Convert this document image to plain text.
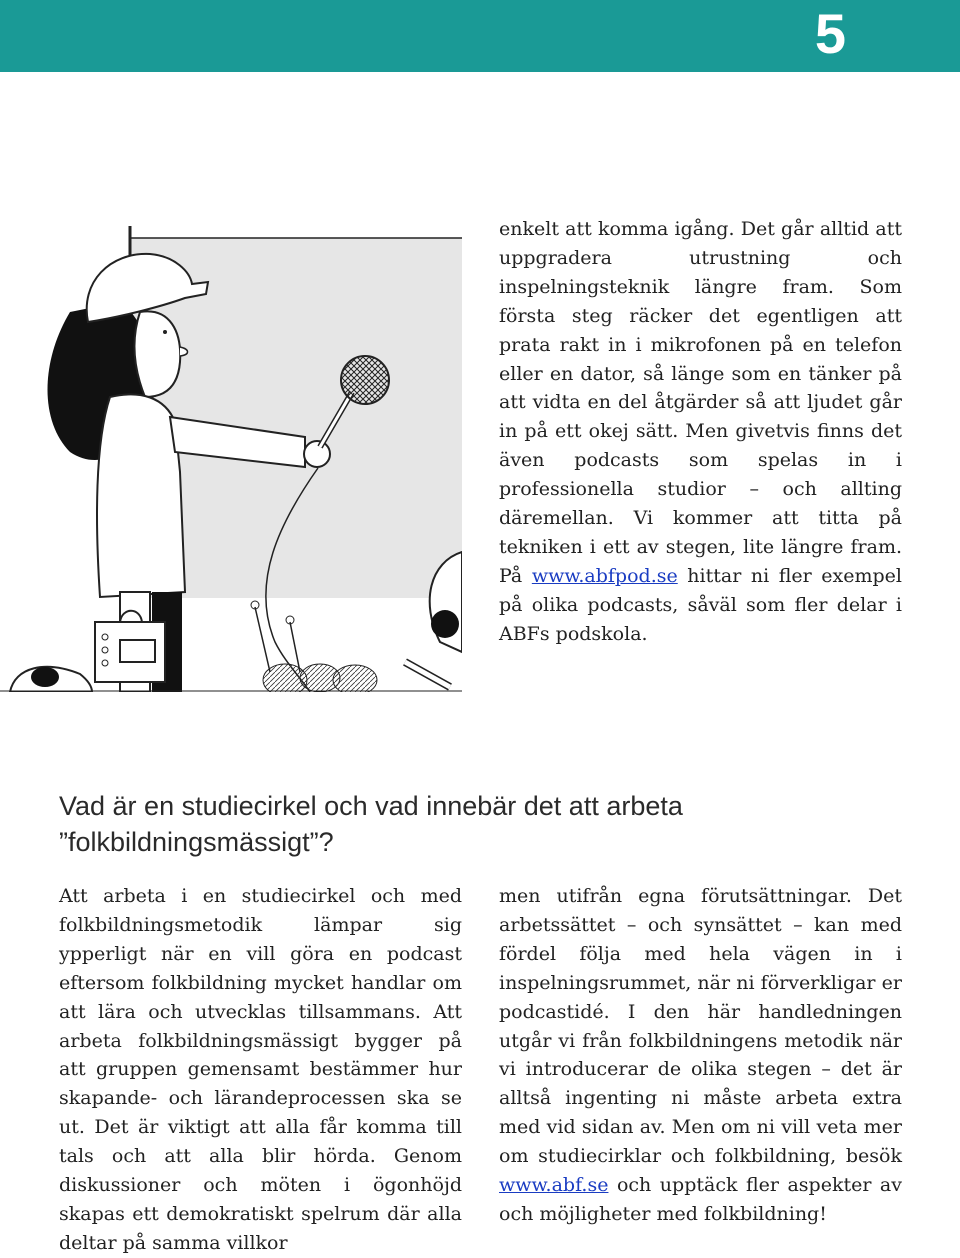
5

enkelt att komma igång. Det går alltid att uppgradera utrustning och inspelningsteknik längre fram. Som första steg räcker det egentligen att prata rakt in i mikrofonen på en telefon eller en dator, så länge som en tänker på att vidta en del åtgärder så att ljudet går in på ett okej sätt. Men givetvis finns det även podcasts som spelas in i professionella studior – och allting däremellan. Vi kommer att titta på tekniken i ett av stegen, lite längre fram. På www.abfpod.se hittar ni fler exempel på olika podcasts, såväl som fler delar i ABFs podskola.

Vad är en studiecirkel och vad innebär det att arbeta ”folkbildningsmässigt”?

Att arbeta i en studiecirkel och med folkbildningsmetodik lämpar sig ypperligt när en vill göra en podcast eftersom folkbildning mycket handlar om att lära och utvecklas tillsammans. Att arbeta folkbildningsmässigt bygger på att gruppen gemensamt bestämmer hur skapande- och lärandeprocessen ska se ut. Det är viktigt att alla får komma till tals och att alla blir hörda. Genom diskussioner och möten i ögonhöjd skapas ett demokratiskt spelrum där alla deltar på samma villkor

men utifrån egna förutsättningar. Det arbetssättet – och synsättet – kan med fördel följa med hela vägen in i inspelningsrummet, när ni förverkligar er podcastidé. I den här handledningen utgår vi från folkbildningens metodik när vi introducerar de olika stegen – det är alltså ingenting ni måste arbeta extra med vid sidan av. Men om ni vill veta mer om studiecirklar och folkbildning, besök www.abf.se och upptäck fler aspekter av och möjligheter med folkbildning!
